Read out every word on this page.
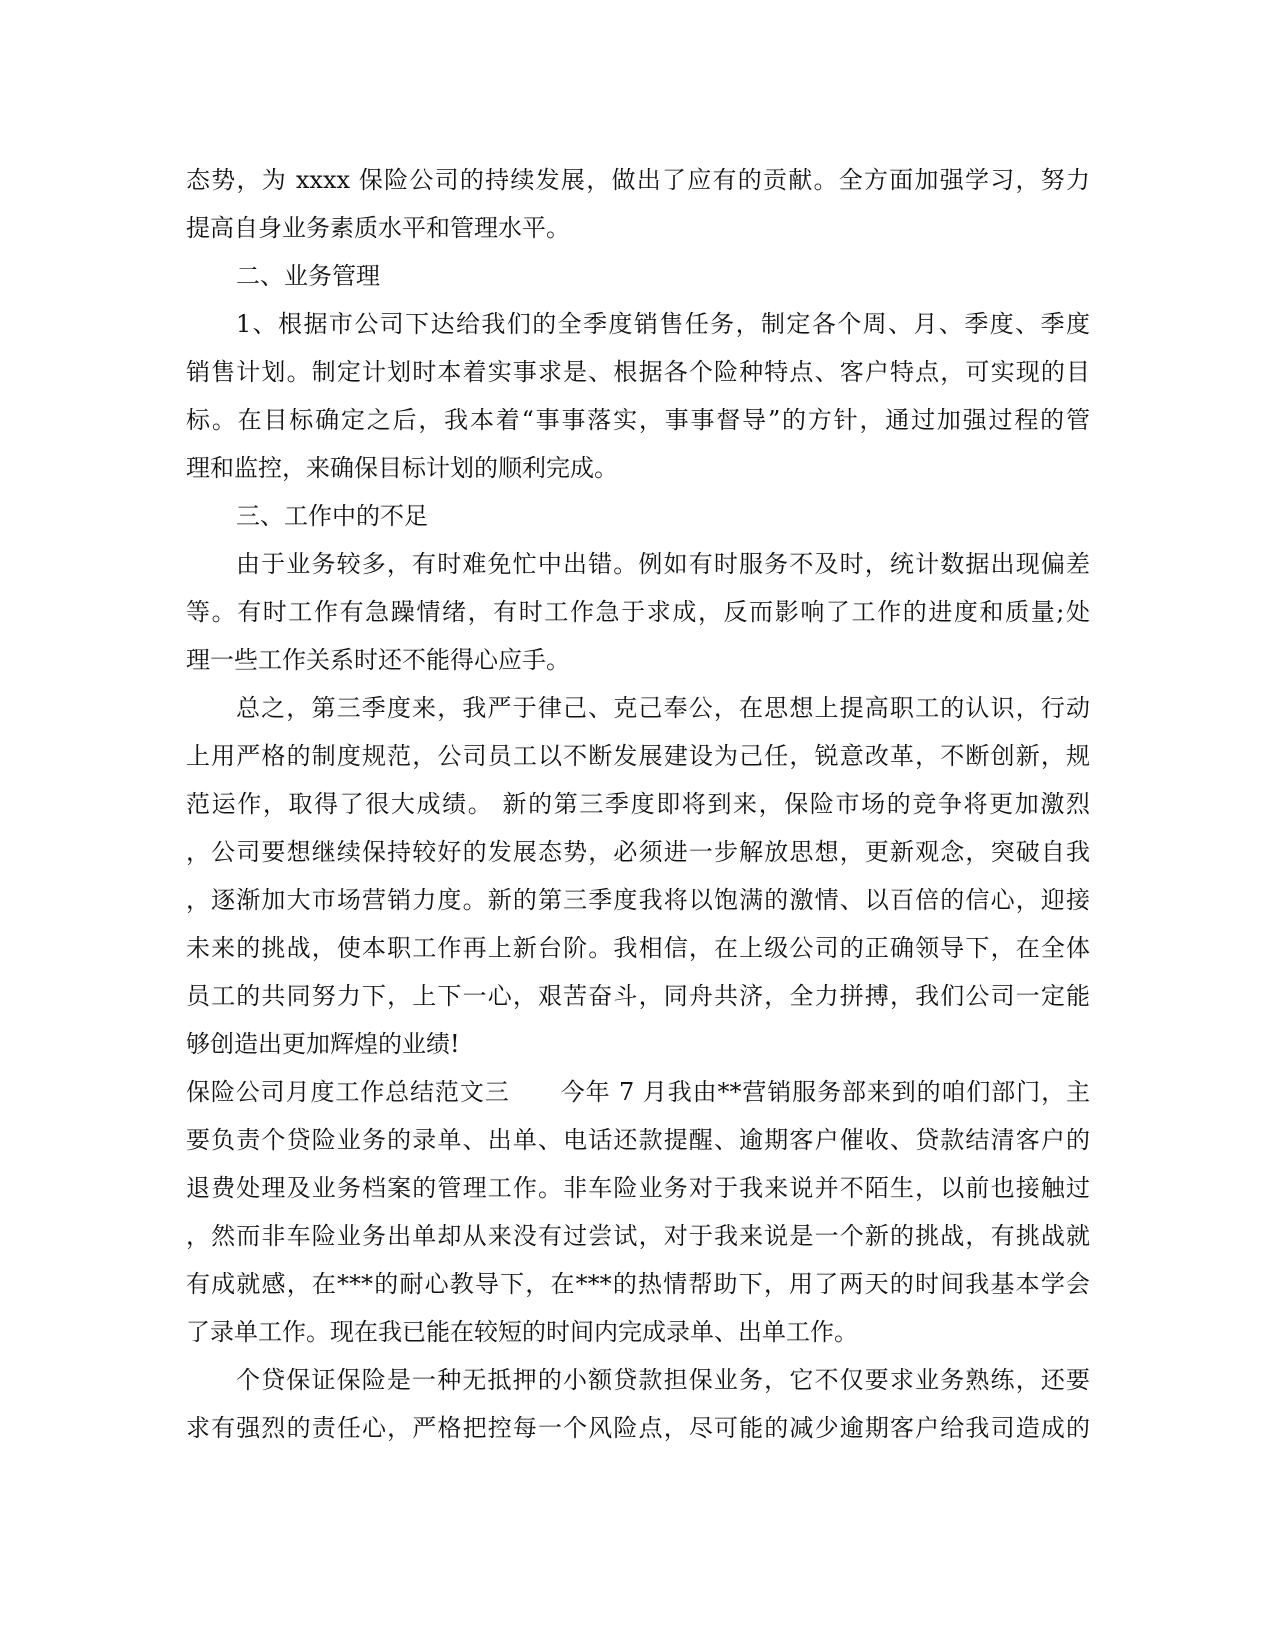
态势，为 xxxx 保险公司的持续发展，做出了应有的贡献。全方面加强学习，努力
提高自身业务素质水平和管理水平。
二、业务管理
1、根据市公司下达给我们的全季度销售任务，制定各个周、月、季度、季度
销售计划。制定计划时本着实事求是、根据各个险种特点、客户特点，可实现的目
标。在目标确定之后，我本着“事事落实，事事督导”的方针，通过加强过程的管
理和监控，来确保目标计划的顺利完成。
三、工作中的不足
由于业务较多，有时难免忙中出错。例如有时服务不及时，统计数据出现偏差
等。有时工作有急躁情绪，有时工作急于求成，反而影响了工作的进度和质量;处
理一些工作关系时还不能得心应手。
总之，第三季度来，我严于律己、克己奉公，在思想上提高职工的认识，行动
上用严格的制度规范，公司员工以不断发展建设为己任，锐意改革，不断创新，规
范运作，取得了很大成绩。 新的第三季度即将到来，保险市场的竞争将更加激烈
，公司要想继续保持较好的发展态势，必须进一步解放思想，更新观念，突破自我
，逐渐加大市场营销力度。新的第三季度我将以饱满的激情、以百倍的信心，迎接
未来的挑战，使本职工作再上新台阶。我相信，在上级公司的正确领导下，在全体
员工的共同努力下，上下一心，艰苦奋斗，同舟共济，全力拼搏，我们公司一定能
够创造出更加辉煌的业绩!
保险公司月度工作总结范文三      今年 7 月我由**营销服务部来到的咱们部门，主
要负责个贷险业务的录单、出单、电话还款提醒、逾期客户催收、贷款结清客户的
退费处理及业务档案的管理工作。非车险业务对于我来说并不陌生，以前也接触过
，然而非车险业务出单却从来没有过尝试，对于我来说是一个新的挑战，有挑战就
有成就感，在***的耐心教导下，在***的热情帮助下，用了两天的时间我基本学会
了录单工作。现在我已能在较短的时间内完成录单、出单工作。
个贷保证保险是一种无抵押的小额贷款担保业务，它不仅要求业务熟练，还要
求有强烈的责任心，严格把控每一个风险点，尽可能的减少逾期客户给我司造成的
